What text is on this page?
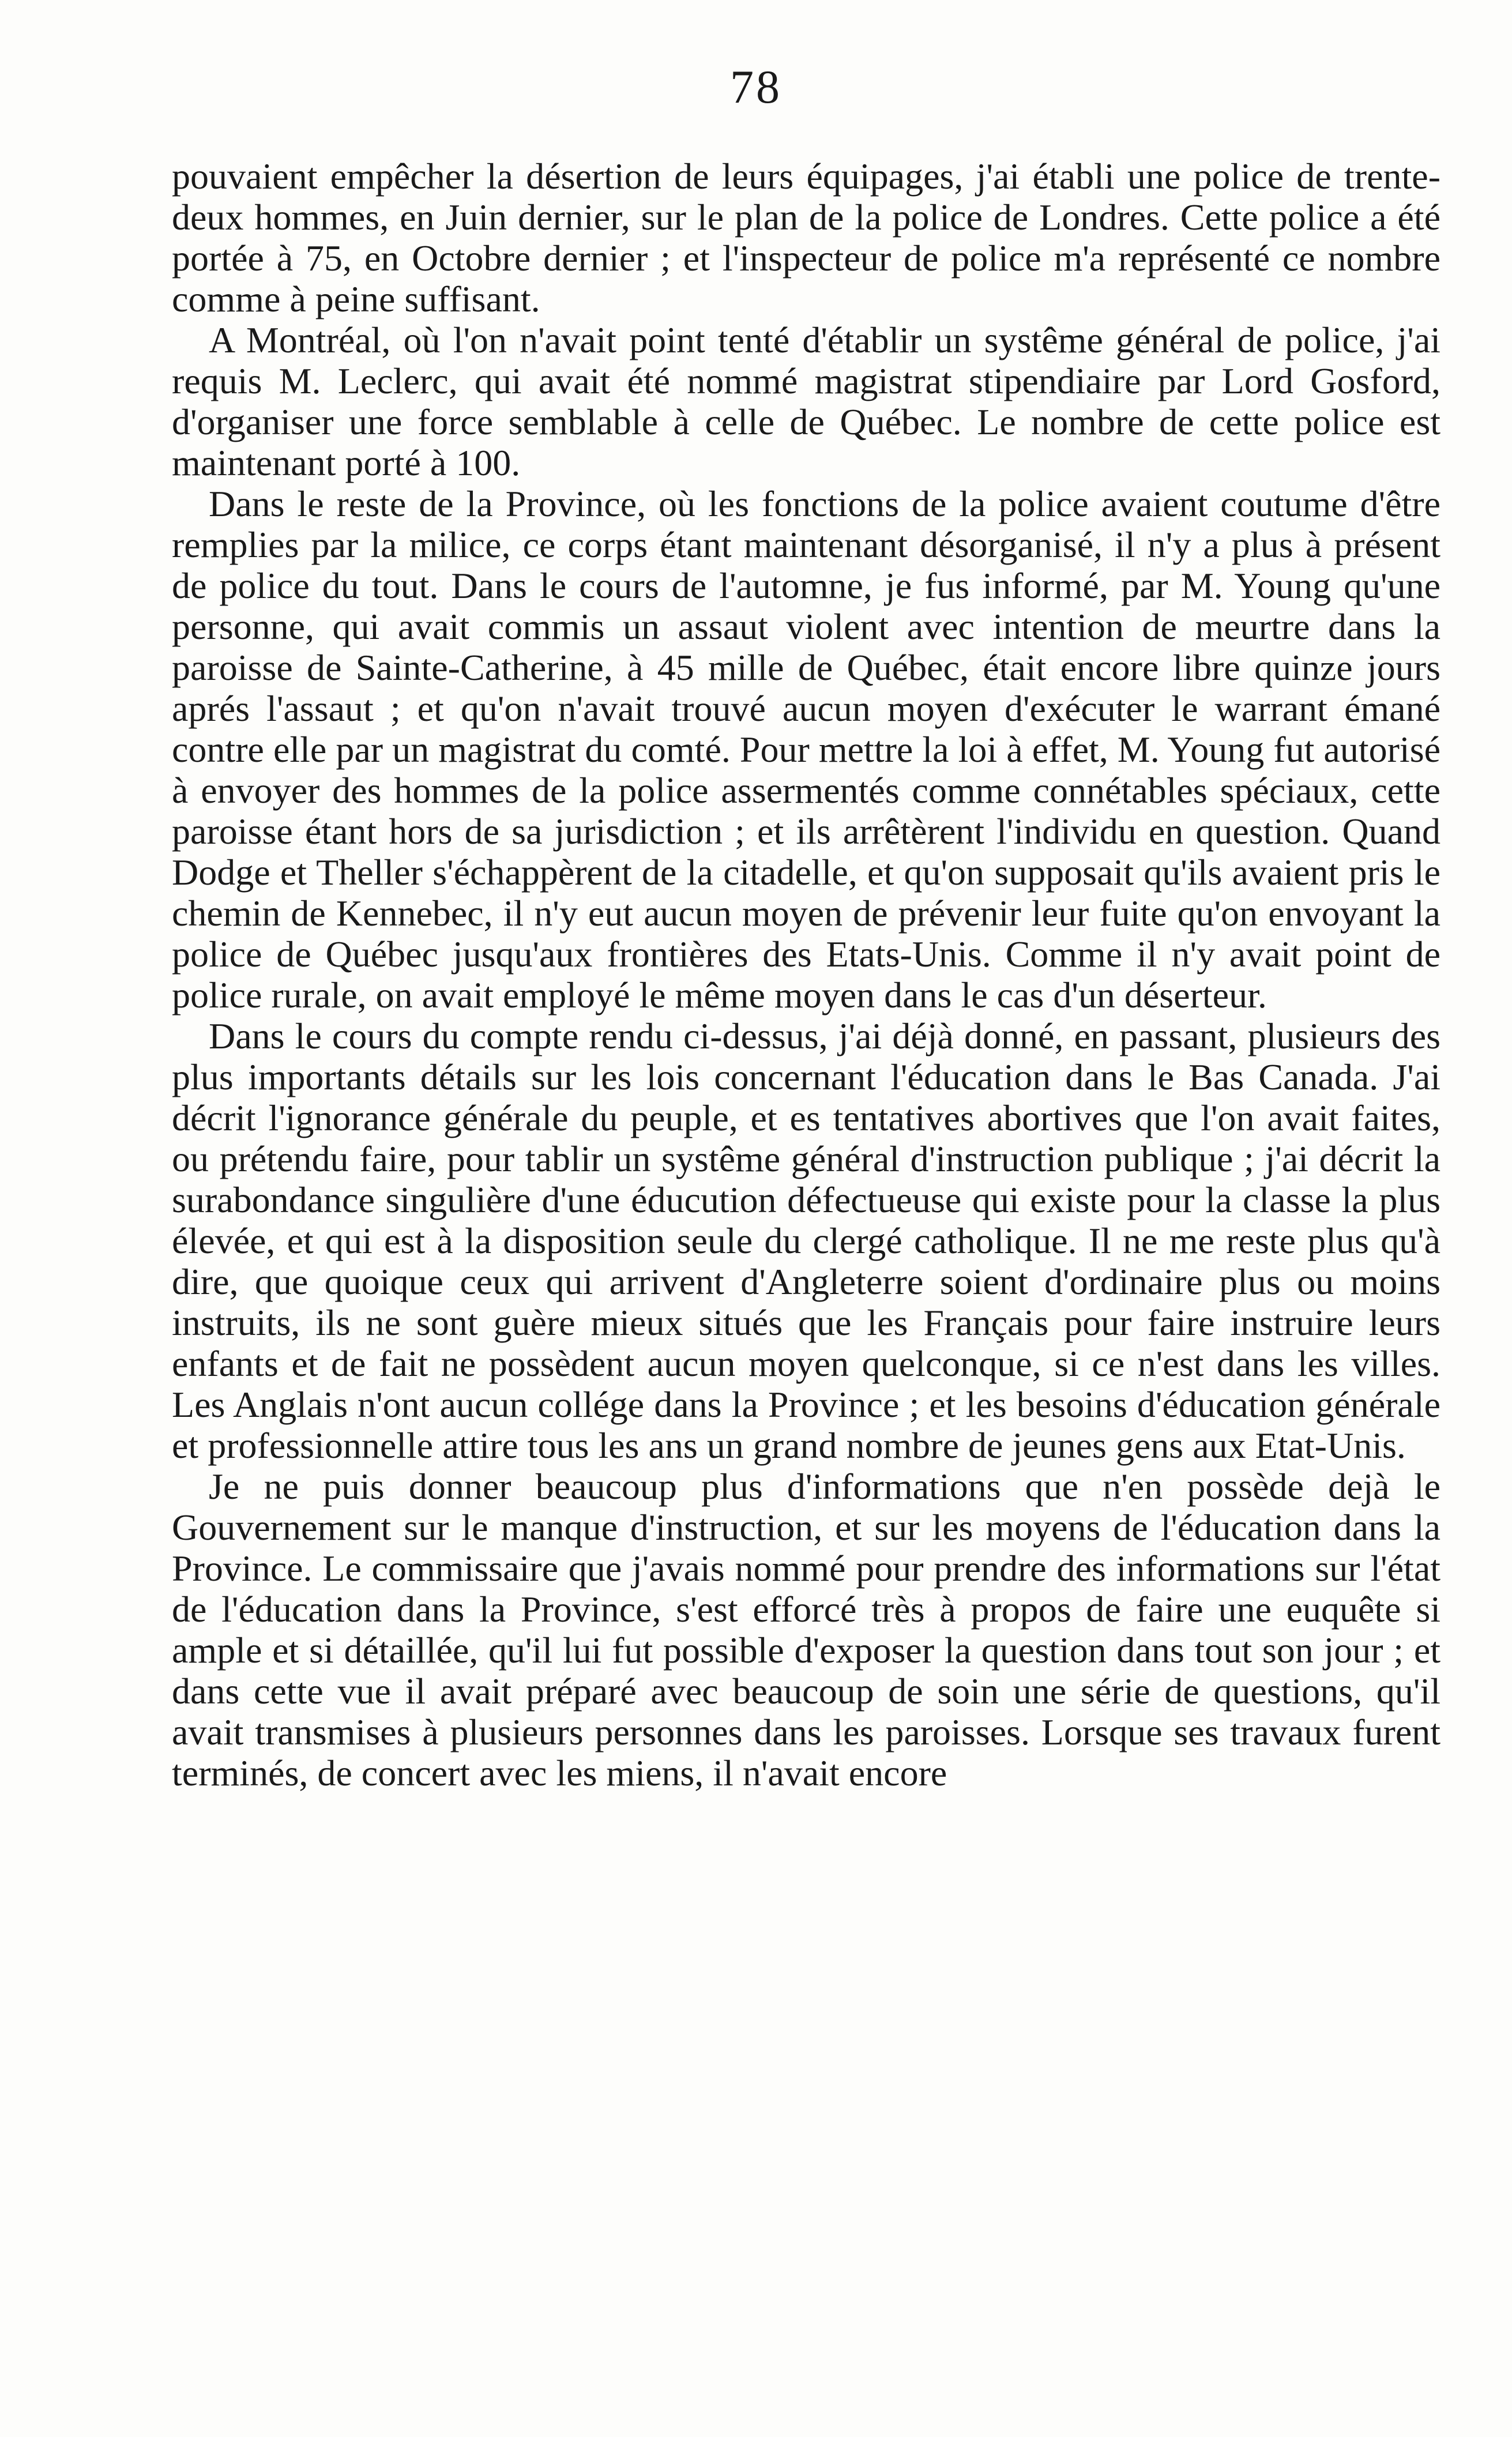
78

pouvaient empêcher la désertion de leurs équipages, j'ai établi une police de trente-deux hommes, en Juin dernier, sur le plan de la police de Londres. Cette police a été portée à 75, en Octobre dernier ; et l'inspecteur de police m'a représenté ce nombre comme à peine suffisant.

A Montréal, où l'on n'avait point tenté d'établir un systême général de police, j'ai requis M. Leclerc, qui avait été nommé magistrat stipendiaire par Lord Gosford, d'organiser une force semblable à celle de Québec. Le nombre de cette police est maintenant porté à 100.

Dans le reste de la Province, où les fonctions de la police avaient coutume d'être remplies par la milice, ce corps étant maintenant désorganisé, il n'y a plus à présent de police du tout. Dans le cours de l'automne, je fus informé, par M. Young qu'une personne, qui avait commis un assaut violent avec intention de meurtre dans la paroisse de Sainte-Catherine, à 45 mille de Québec, était encore libre quinze jours aprés l'assaut ; et qu'on n'avait trouvé aucun moyen d'exécuter le warrant émané contre elle par un magistrat du comté. Pour mettre la loi à effet, M. Young fut autorisé à envoyer des hommes de la police assermentés comme connétables spéciaux, cette paroisse étant hors de sa jurisdiction ; et ils arrêtèrent l'individu en question. Quand Dodge et Theller s'échappèrent de la citadelle, et qu'on supposait qu'ils avaient pris le chemin de Kennebec, il n'y eut aucun moyen de prévenir leur fuite qu'on envoyant la police de Québec jusqu'aux frontières des Etats-Unis. Comme il n'y avait point de police rurale, on avait employé le même moyen dans le cas d'un déserteur.

Dans le cours du compte rendu ci-dessus, j'ai déjà donné, en passant, plusieurs des plus importants détails sur les lois concernant l'éducation dans le Bas Canada. J'ai décrit l'ignorance générale du peuple, et es tentatives abortives que l'on avait faites, ou prétendu faire, pour tablir un systême général d'instruction publique ; j'ai décrit la surabondance singulière d'une éducution défectueuse qui existe pour la classe la plus élevée, et qui est à la disposition seule du clergé catholique. Il ne me reste plus qu'à dire, que quoique ceux qui arrivent d'Angleterre soient d'ordinaire plus ou moins instruits, ils ne sont guère mieux situés que les Français pour faire instruire leurs enfants et de fait ne possèdent aucun moyen quelconque, si ce n'est dans les villes. Les Anglais n'ont aucun collége dans la Province ; et les besoins d'éducation générale et professionnelle attire tous les ans un grand nombre de jeunes gens aux Etat-Unis.

Je ne puis donner beaucoup plus d'informations que n'en possède dejà le Gouvernement sur le manque d'instruction, et sur les moyens de l'éducation dans la Province. Le commissaire que j'avais nommé pour prendre des informations sur l'état de l'éducation dans la Province, s'est efforcé très à propos de faire une euquête si ample et si détaillée, qu'il lui fut possible d'exposer la question dans tout son jour ; et dans cette vue il avait préparé avec beaucoup de soin une série de questions, qu'il avait transmises à plusieurs personnes dans les paroisses. Lorsque ses travaux furent terminés, de concert avec les miens, il n'avait encore
